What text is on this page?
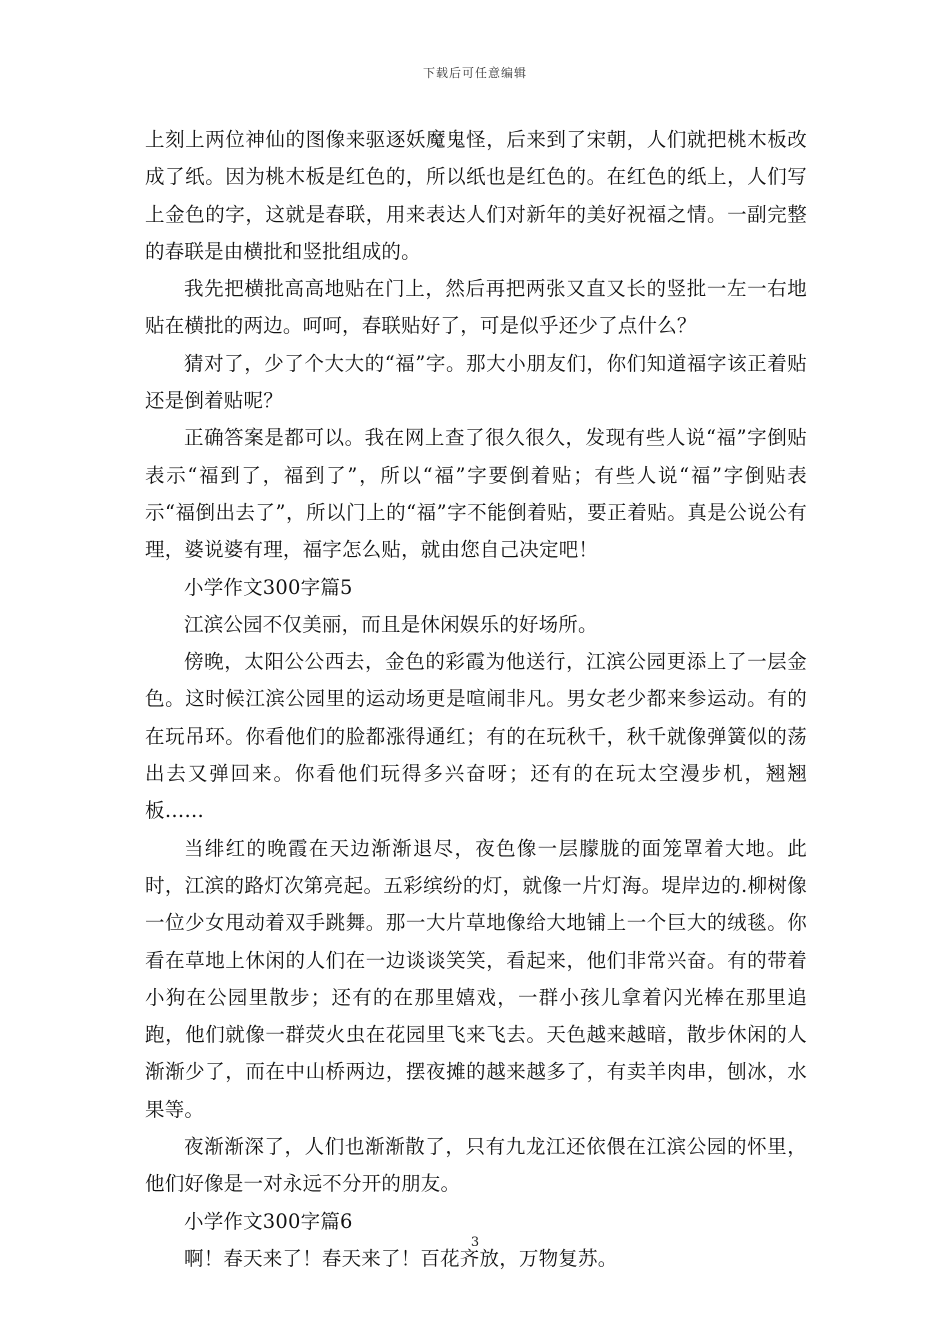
下载后可任意编辑

上刻上两位神仙的图像来驱逐妖魔鬼怪，后来到了宋朝，人们就把桃木板改成了纸。因为桃木板是红色的，所以纸也是红色的。在红色的纸上，人们写上金色的字，这就是春联，用来表达人们对新年的美好祝福之情。一副完整的春联是由横批和竖批组成的。

我先把横批高高地贴在门上，然后再把两张又直又长的竖批一左一右地贴在横批的两边。呵呵，春联贴好了，可是似乎还少了点什么？

猜对了，少了个大大的“福”字。那大小朋友们，你们知道福字该正着贴还是倒着贴呢？

正确答案是都可以。我在网上查了很久很久，发现有些人说“福”字倒贴表示“福到了，福到了”，所以“福”字要倒着贴；有些人说“福”字倒贴表示“福倒出去了”，所以门上的“福”字不能倒着贴，要正着贴。真是公说公有理，婆说婆有理，福字怎么贴，就由您自己决定吧！

小学作文300字篇5

江滨公园不仅美丽，而且是休闲娱乐的好场所。

傍晚，太阳公公西去，金色的彩霞为他送行，江滨公园更添上了一层金色。这时候江滨公园里的运动场更是喧闹非凡。男女老少都来参运动。有的在玩吊环。你看他们的脸都涨得通红；有的在玩秋千，秋千就像弹簧似的荡出去又弹回来。你看他们玩得多兴奋呀；还有的在玩太空漫步机，翘翘板……

当绯红的晚霞在天边渐渐退尽，夜色像一层朦胧的面笼罩着大地。此时，江滨的路灯次第亮起。五彩缤纷的灯，就像一片灯海。堤岸边的.柳树像一位少女甩动着双手跳舞。那一大片草地像给大地铺上一个巨大的绒毯。你看在草地上休闲的人们在一边谈谈笑笑，看起来，他们非常兴奋。有的带着小狗在公园里散步；还有的在那里嬉戏，一群小孩儿拿着闪光棒在那里追跑，他们就像一群荧火虫在花园里飞来飞去。天色越来越暗，散步休闲的人渐渐少了，而在中山桥两边，摆夜摊的越来越多了，有卖羊肉串，刨冰，水果等。

夜渐渐深了，人们也渐渐散了，只有九龙江还依偎在江滨公园的怀里，他们好像是一对永远不分开的朋友。

小学作文300字篇6

啊！春天来了！春天来了！百花齐放，万物复苏。

3
